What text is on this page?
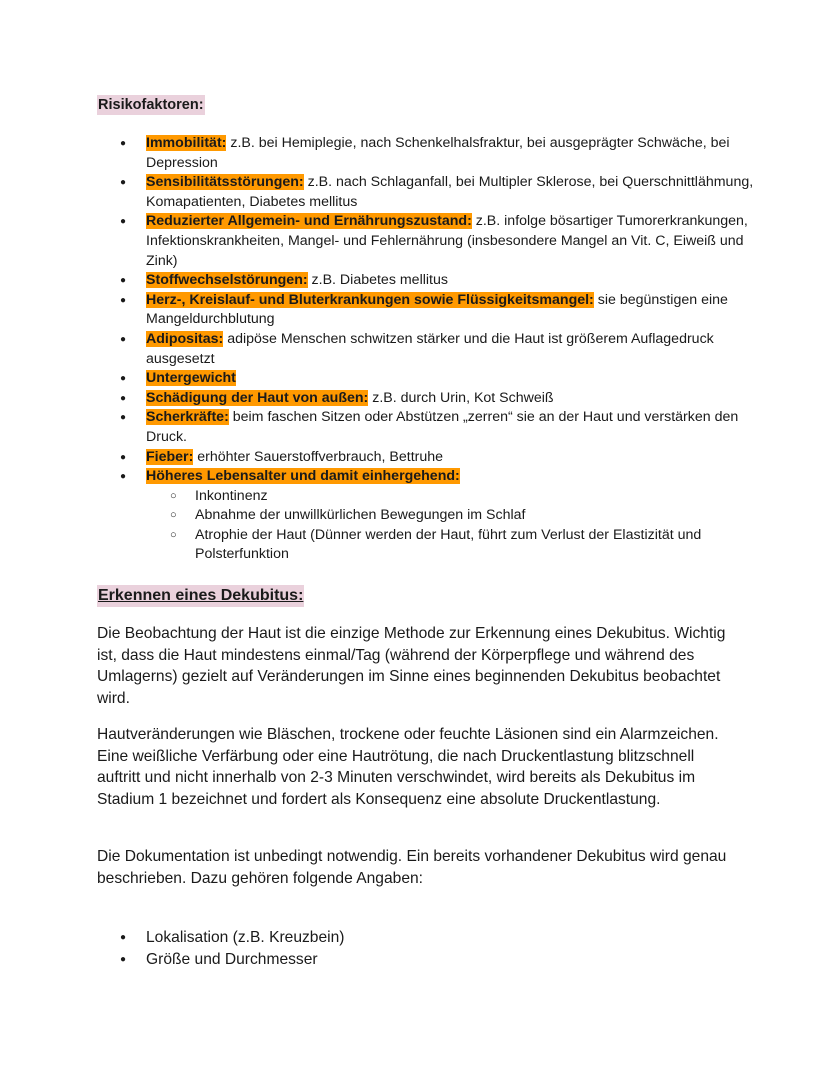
Risikofaktoren:
● Immobilität: z.B. bei Hemiplegie, nach Schenkelhalsfraktur, bei ausgeprägter Schwäche, bei Depression
● Sensibilitätsstörungen: z.B. nach Schlaganfall, bei Multipler Sklerose, bei Querschnittlähmung, Komapatienten, Diabetes mellitus
● Reduzierter Allgemein- und Ernährungszustand: z.B. infolge bösartiger Tumorerkrankungen, Infektionskrankheiten, Mangel- und Fehlernährung (insbesondere Mangel an Vit. C, Eiweiß und Zink)
● Stoffwechselstörungen: z.B. Diabetes mellitus
● Herz-, Kreislauf- und Bluterkrankungen sowie Flüssigkeitsmangel: sie begünstigen eine Mangeldurchblutung
● Adipositas: adipöse Menschen schwitzen stärker und die Haut ist größerem Auflagedruck ausgesetzt
● Untergewicht
● Schädigung der Haut von außen: z.B. durch Urin, Kot Schweiß
● Scherkräfte: beim faschen Sitzen oder Abstützen „zerren“ sie an der Haut und verstärken den Druck.
● Fieber: erhöhter Sauerstoffverbrauch, Bettruhe
● Höheres Lebensalter und damit einhergehend:
○ Inkontinenz
○ Abnahme der unwillkürlichen Bewegungen im Schlaf
○ Atrophie der Haut (Dünner werden der Haut, führt zum Verlust der Elastizität und Polsterfunktion
Erkennen eines Dekubitus:

Die Beobachtung der Haut ist die einzige Methode zur Erkennung eines Dekubitus. Wichtig ist, dass die Haut mindestens einmal/Tag (während der Körperpflege und während des Umlagerns) gezielt auf Veränderungen im Sinne eines beginnenden Dekubitus beobachtet wird.

Hautveränderungen wie Bläschen, trockene oder feuchte Läsionen sind ein Alarmzeichen. Eine weißliche Verfärbung oder eine Hautrötung, die nach Druckentlastung blitzschnell auftritt und nicht innerhalb von 2-3 Minuten verschwindet, wird bereits als Dekubitus im Stadium 1 bezeichnet und fordert als Konsequenz eine absolute Druckentlastung.

Die Dokumentation ist unbedingt notwendig. Ein bereits vorhandener Dekubitus wird genau beschrieben. Dazu gehören folgende Angaben:

● Lokalisation (z.B. Kreuzbein)
● Größe und Durchmesser
